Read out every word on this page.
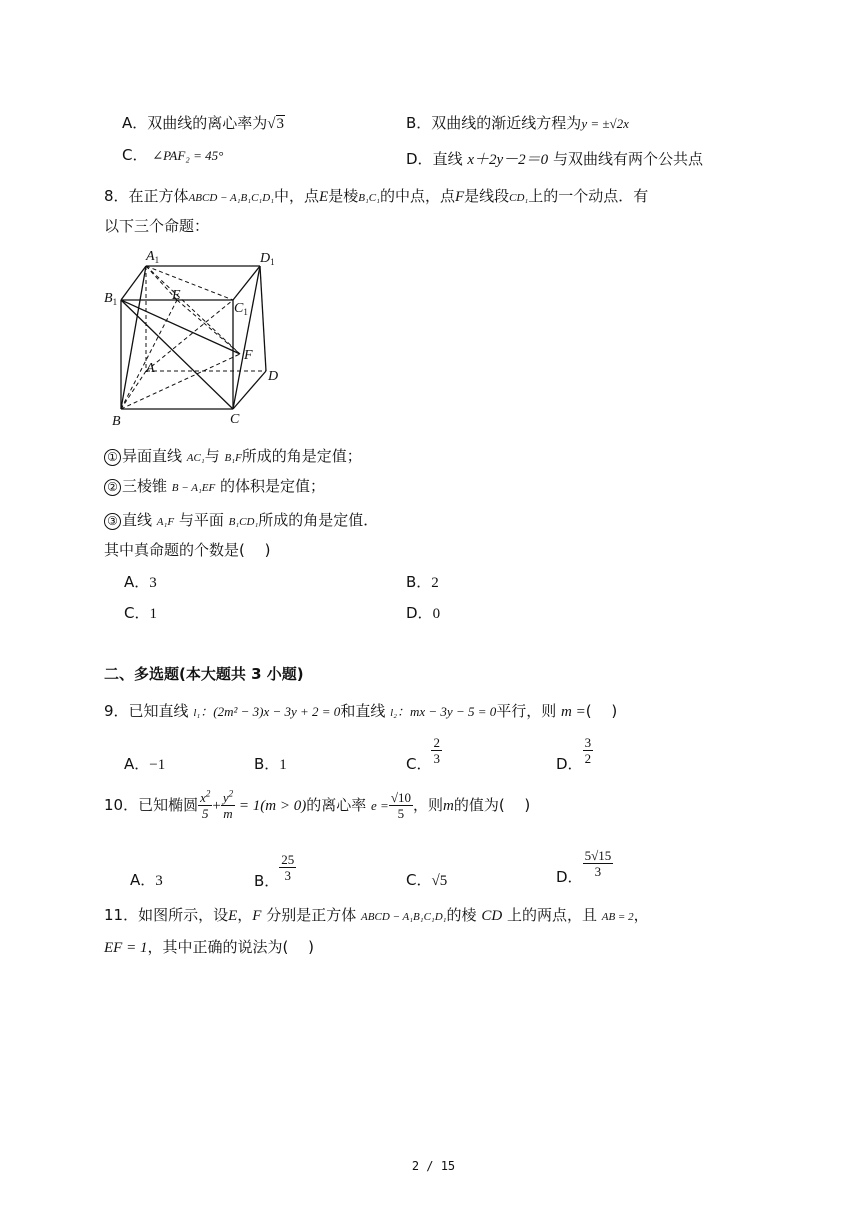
A．双曲线的离心率为√3	B．双曲线的渐近线方程为y = ±√2x
C． ∠PAF₂ = 45°	D．直线 x＋2y－2＝0 与双曲线有两个公共点
8．在正方体ABCD − A₁B₁C₁D₁中，点E是棱B₁C₁的中点，点F是线段CD₁上的一个动点．有
以下三个命题：
$A_1$	$D_1$
$B_1$	E
$C_1$
F
A
D
B	C
① 异面直线 AC₁与 B₁F所成的角是定值；
② 三棱锥 B − A₁EF 的体积是定值；
③ 直线 A₁F 与平面 B₁CD₁所成的角是定值．
其中真命题的个数是(　 )
A．3	B．2
C．1	D．0
二、多选题(本大题共 3 小题)
9．已知直线 l₁：(2m² − 3)x − 3y + 2 = 0和直线 l₂：mx − 3y − 5 = 0平行，则 m =(　 )
A．−1	B．1	C． $\frac{2}{3}$	D． $\frac{3}{2}$
10．已知椭圆 $\frac{x^2}{5} + \frac{y^2}{m} = 1(m > 0)$的离心率 $e = \frac{√10}{5}$ ，则m的值为(　 )
A．3	B． $\frac{25}{3}$	C．√5	D． $\frac{5√15}{3}$
11．如图所示，设E，F 分别是正方体 ABCD − A₁B₁C₁D₁的棱 CD 上的两点，且 AB = 2，
EF = 1，其中正确的说法为(　 )
2 / 15
